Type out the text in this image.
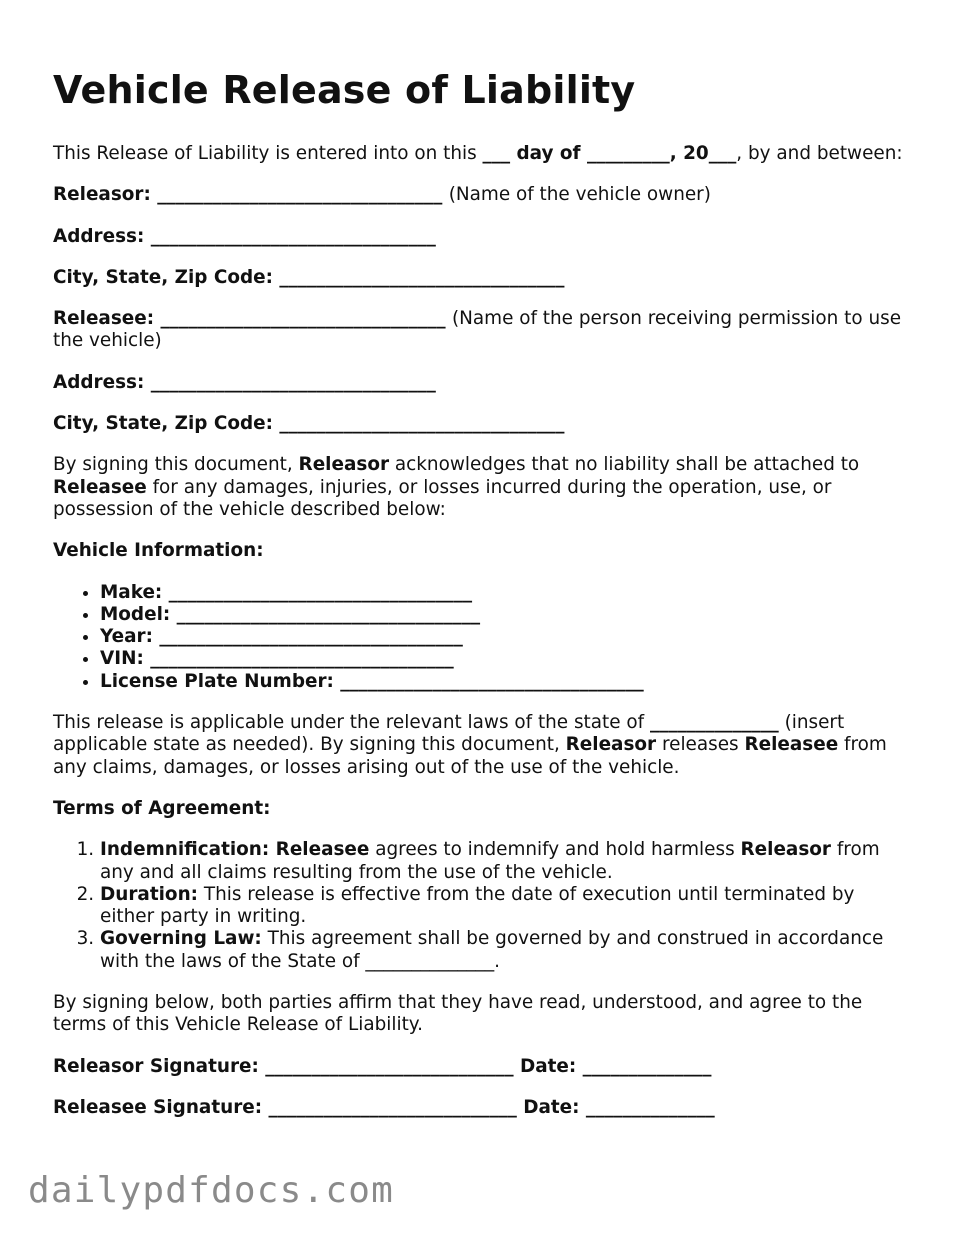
Vehicle Release of Liability

This Release of Liability is entered into on this ___ day of _________, 20___, by and between:

Releasor: _______________________________ (Name of the vehicle owner)

Address: _______________________________

City, State, Zip Code: _______________________________

Releasee: _______________________________ (Name of the person receiving permission to use the vehicle)

Address: _______________________________

City, State, Zip Code: _______________________________

By signing this document, Releasor acknowledges that no liability shall be attached to Releasee for any damages, injuries, or losses incurred during the operation, use, or possession of the vehicle described below:

Vehicle Information:

• Make: _________________________________
• Model: _________________________________
• Year: _________________________________
• VIN: _________________________________
• License Plate Number: _________________________________

This release is applicable under the relevant laws of the state of ______________ (insert applicable state as needed). By signing this document, Releasor releases Releasee from any claims, damages, or losses arising out of the use of the vehicle.

Terms of Agreement:

1. Indemnification: Releasee agrees to indemnify and hold harmless Releasor from any and all claims resulting from the use of the vehicle.
2. Duration: This release is effective from the date of execution until terminated by either party in writing.
3. Governing Law: This agreement shall be governed by and construed in accordance with the laws of the State of ______________.

By signing below, both parties affirm that they have read, understood, and agree to the terms of this Vehicle Release of Liability.

Releasor Signature: ___________________________ Date: ______________

Releasee Signature: ___________________________ Date: ______________

dailypdfdocs.com
